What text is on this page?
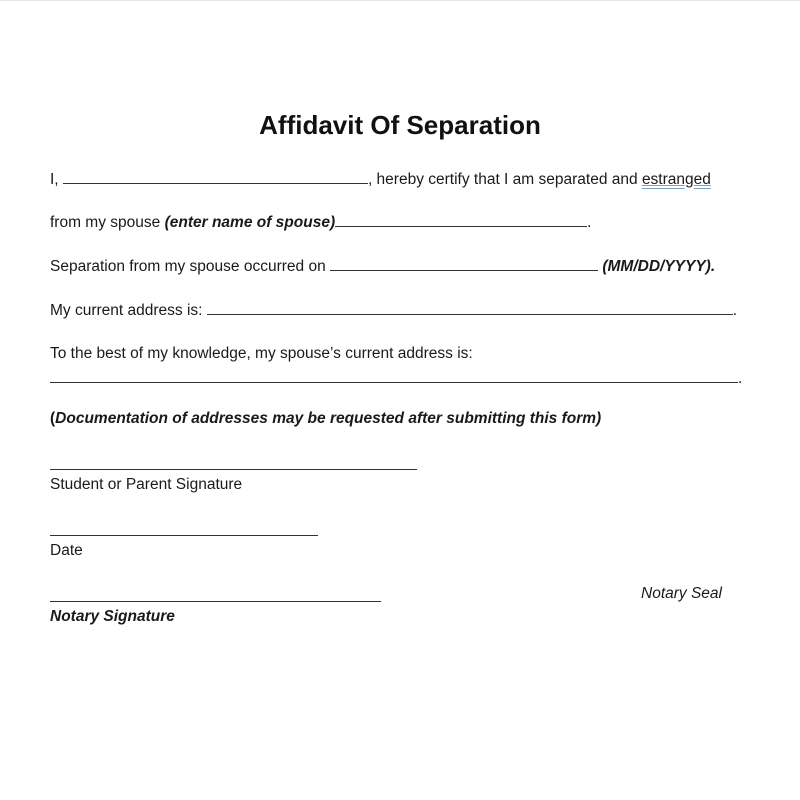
Affidavit Of Separation

I,	, hereby certify that I am separated and estranged

from my spouse (enter name of spouse)	.

Separation from my spouse occurred on	(MM/DD/YYYY).

My current address is:	.

To the best of my knowledge, my spouse’s current address is:

.

(Documentation of addresses may be requested after submitting this form)

Student or Parent Signature

Date

Notary Signature

Notary Seal
